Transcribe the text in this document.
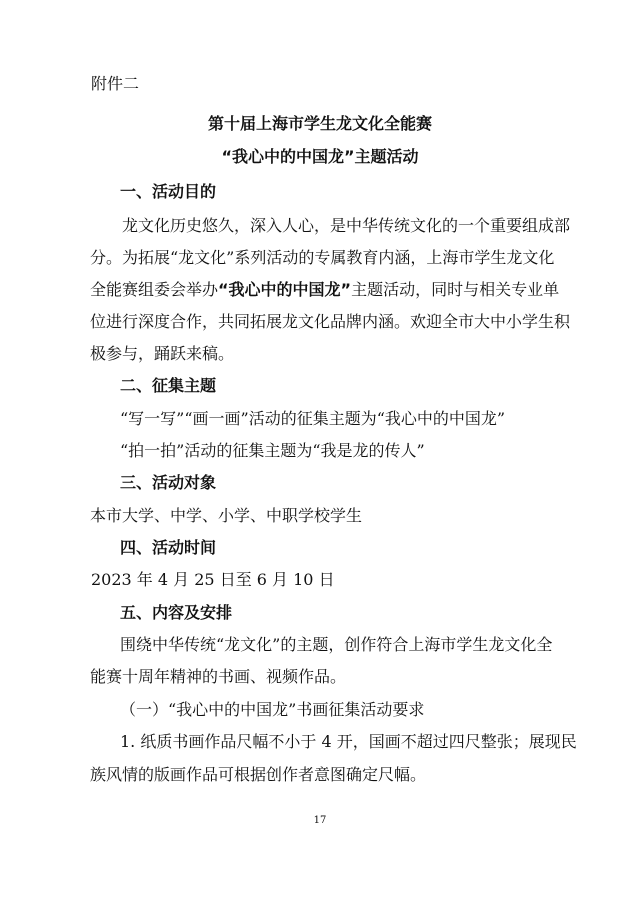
附件二
第十届上海市学生龙文化全能赛
“我心中的中国龙”主题活动
一、活动目的
龙文化历史悠久，深入人心，是中华传统文化的一个重要组成部
分。为拓展“龙文化”系列活动的专属教育内涵，上海市学生龙文化
全能赛组委会举办“我心中的中国龙”主题活动，同时与相关专业单
位进行深度合作，共同拓展龙文化品牌内涵。欢迎全市大中小学生积
极参与，踊跃来稿。
二、征集主题
“写一写”“画一画”活动的征集主题为“我心中的中国龙”
“拍一拍”活动的征集主题为“我是龙的传人”
三、活动对象
本市大学、中学、小学、中职学校学生
四、活动时间
2023 年 4 月 25 日至 6 月 10 日
五、内容及安排
围绕中华传统“龙文化”的主题，创作符合上海市学生龙文化全
能赛十周年精神的书画、视频作品。
（一）“我心中的中国龙”书画征集活动要求
1. 纸质书画作品尺幅不小于 4 开，国画不超过四尺整张；展现民
族风情的版画作品可根据创作者意图确定尺幅。
17
